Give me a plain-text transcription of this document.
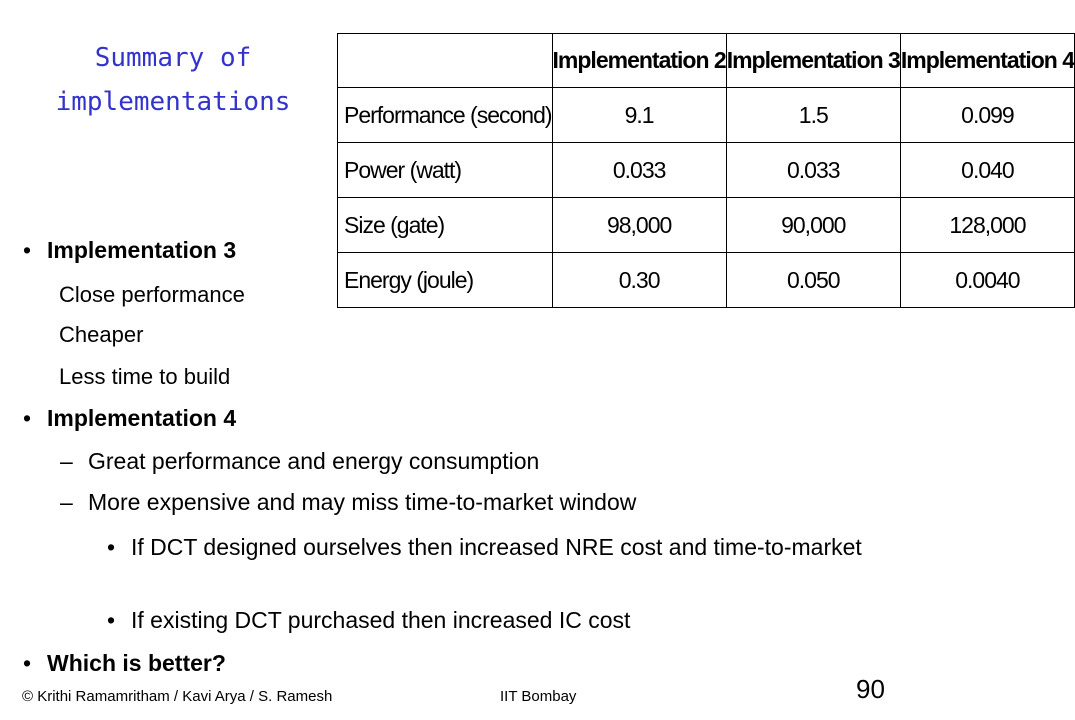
Summary of
implementations
	Implementation 2	Implementation 3	Implementation 4
Performance (second)	9.1	1.5	0.099
Power (watt)	0.033	0.033	0.040
Size (gate)	98,000	90,000	128,000
Energy (joule)	0.30	0.050	0.0040
• Implementation 3
Close performance
Cheaper
Less time to build
• Implementation 4
– Great performance and energy consumption
– More expensive and may miss time-to-market window
• If DCT designed ourselves then increased NRE cost and time-to-market
• If existing DCT purchased then increased IC cost
• Which is better?
© Krithi Ramamritham / Kavi Arya / S. Ramesh	IIT Bombay	90
